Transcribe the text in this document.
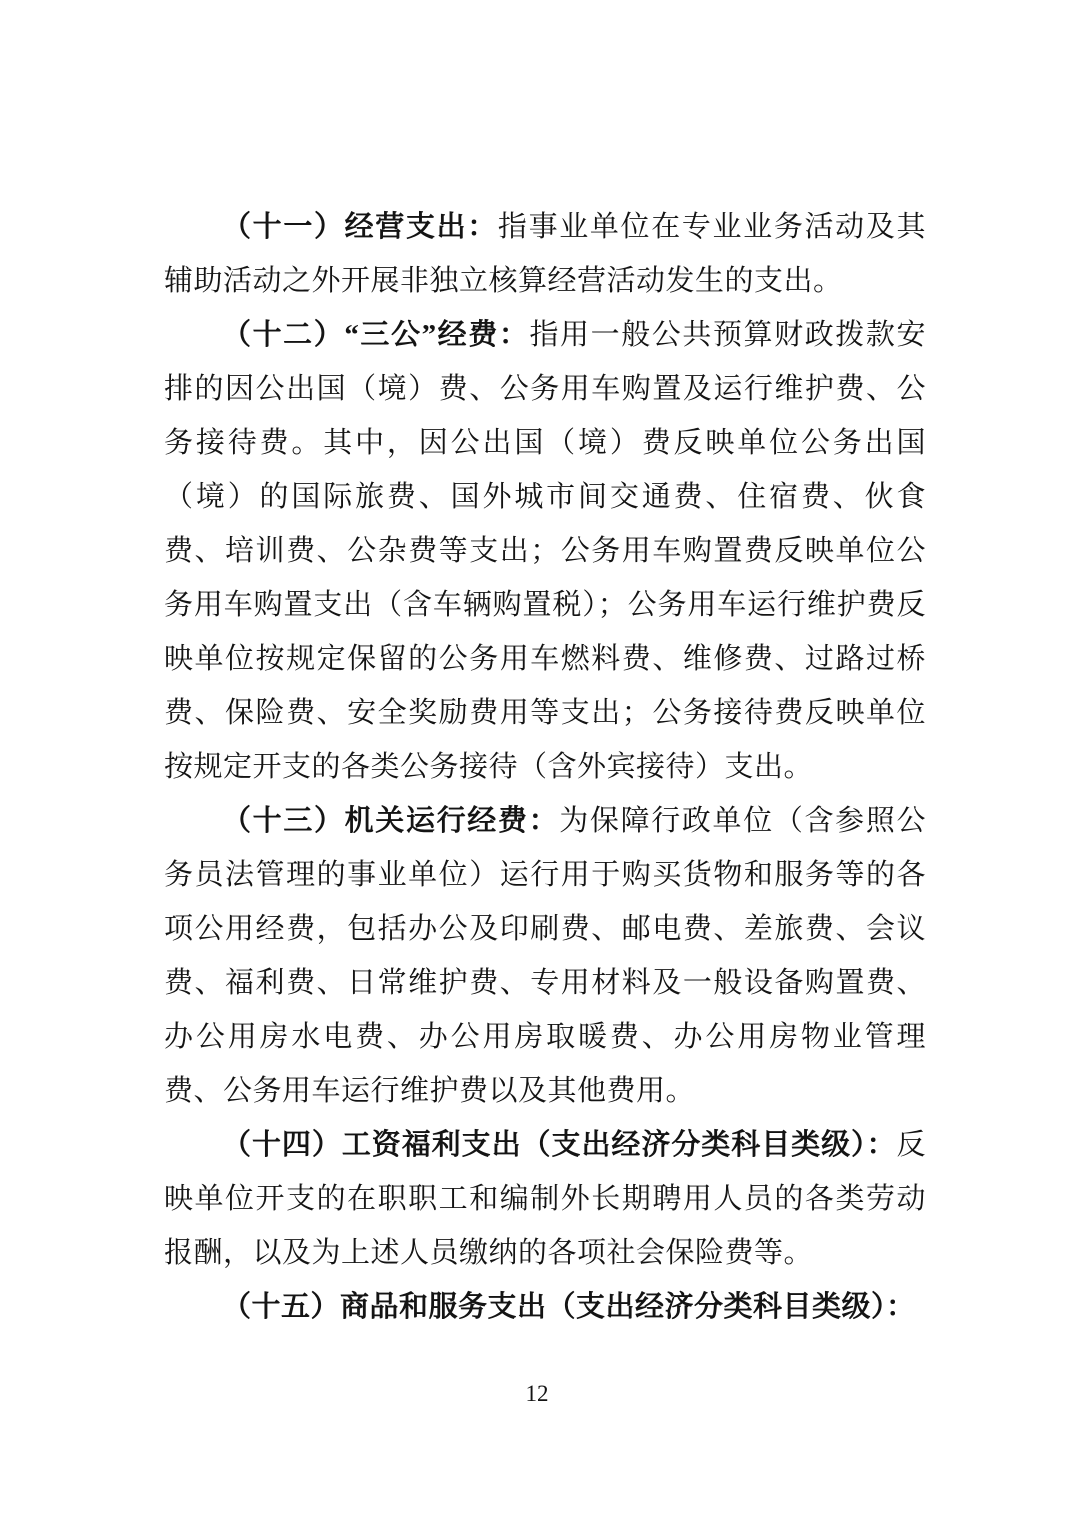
（十一）经营支出：指事业单位在专业业务活动及其辅助活动之外开展非独立核算经营活动发生的支出。

（十二）“三公”经费：指用一般公共预算财政拨款安排的因公出国（境）费、公务用车购置及运行维护费、公务接待费。其中，因公出国（境）费反映单位公务出国（境）的国际旅费、国外城市间交通费、住宿费、伙食费、培训费、公杂费等支出；公务用车购置费反映单位公务用车购置支出（含车辆购置税）；公务用车运行维护费反映单位按规定保留的公务用车燃料费、维修费、过路过桥费、保险费、安全奖励费用等支出；公务接待费反映单位按规定开支的各类公务接待（含外宾接待）支出。

（十三）机关运行经费：为保障行政单位（含参照公务员法管理的事业单位）运行用于购买货物和服务等的各项公用经费，包括办公及印刷费、邮电费、差旅费、会议费、福利费、日常维护费、专用材料及一般设备购置费、办公用房水电费、办公用房取暖费、办公用房物业管理费、公务用车运行维护费以及其他费用。

（十四）工资福利支出（支出经济分类科目类级）：反映单位开支的在职职工和编制外长期聘用人员的各类劳动报酬，以及为上述人员缴纳的各项社会保险费等。

（十五）商品和服务支出（支出经济分类科目类级）：

12
